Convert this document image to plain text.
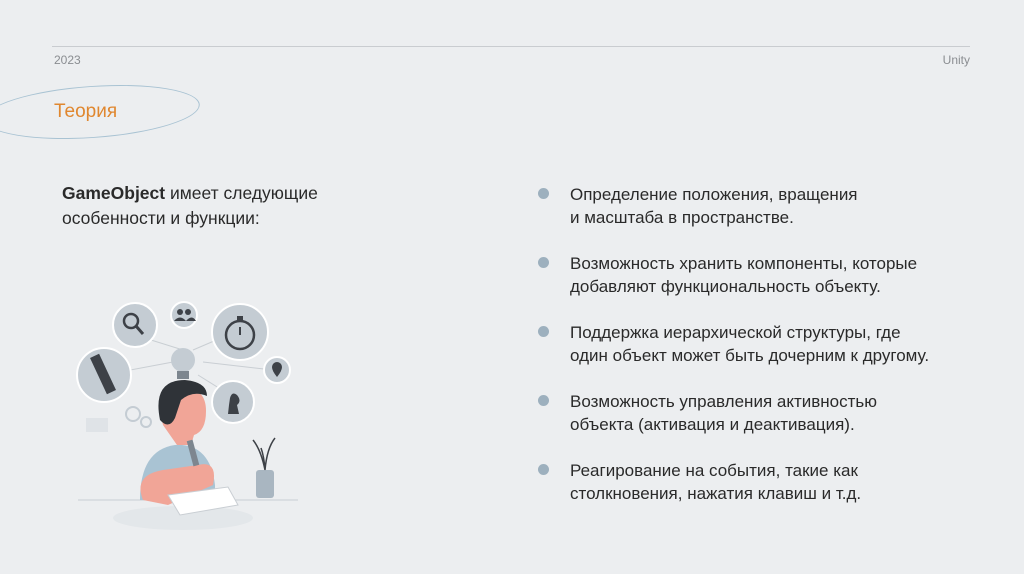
2023	Unity
Теория
GameObject имеет следующие особенности и функции:
Определение положения, вращения
и масштаба в пространстве.
Возможность хранить компоненты, которые
добавляют функциональность объекту.
Поддержка иерархической структуры, где
один объект может быть дочерним к другому.
Возможность управления активностью
объекта (активация и деактивация).
Реагирование на события, такие как
столкновения, нажатия клавиш и т.д.
